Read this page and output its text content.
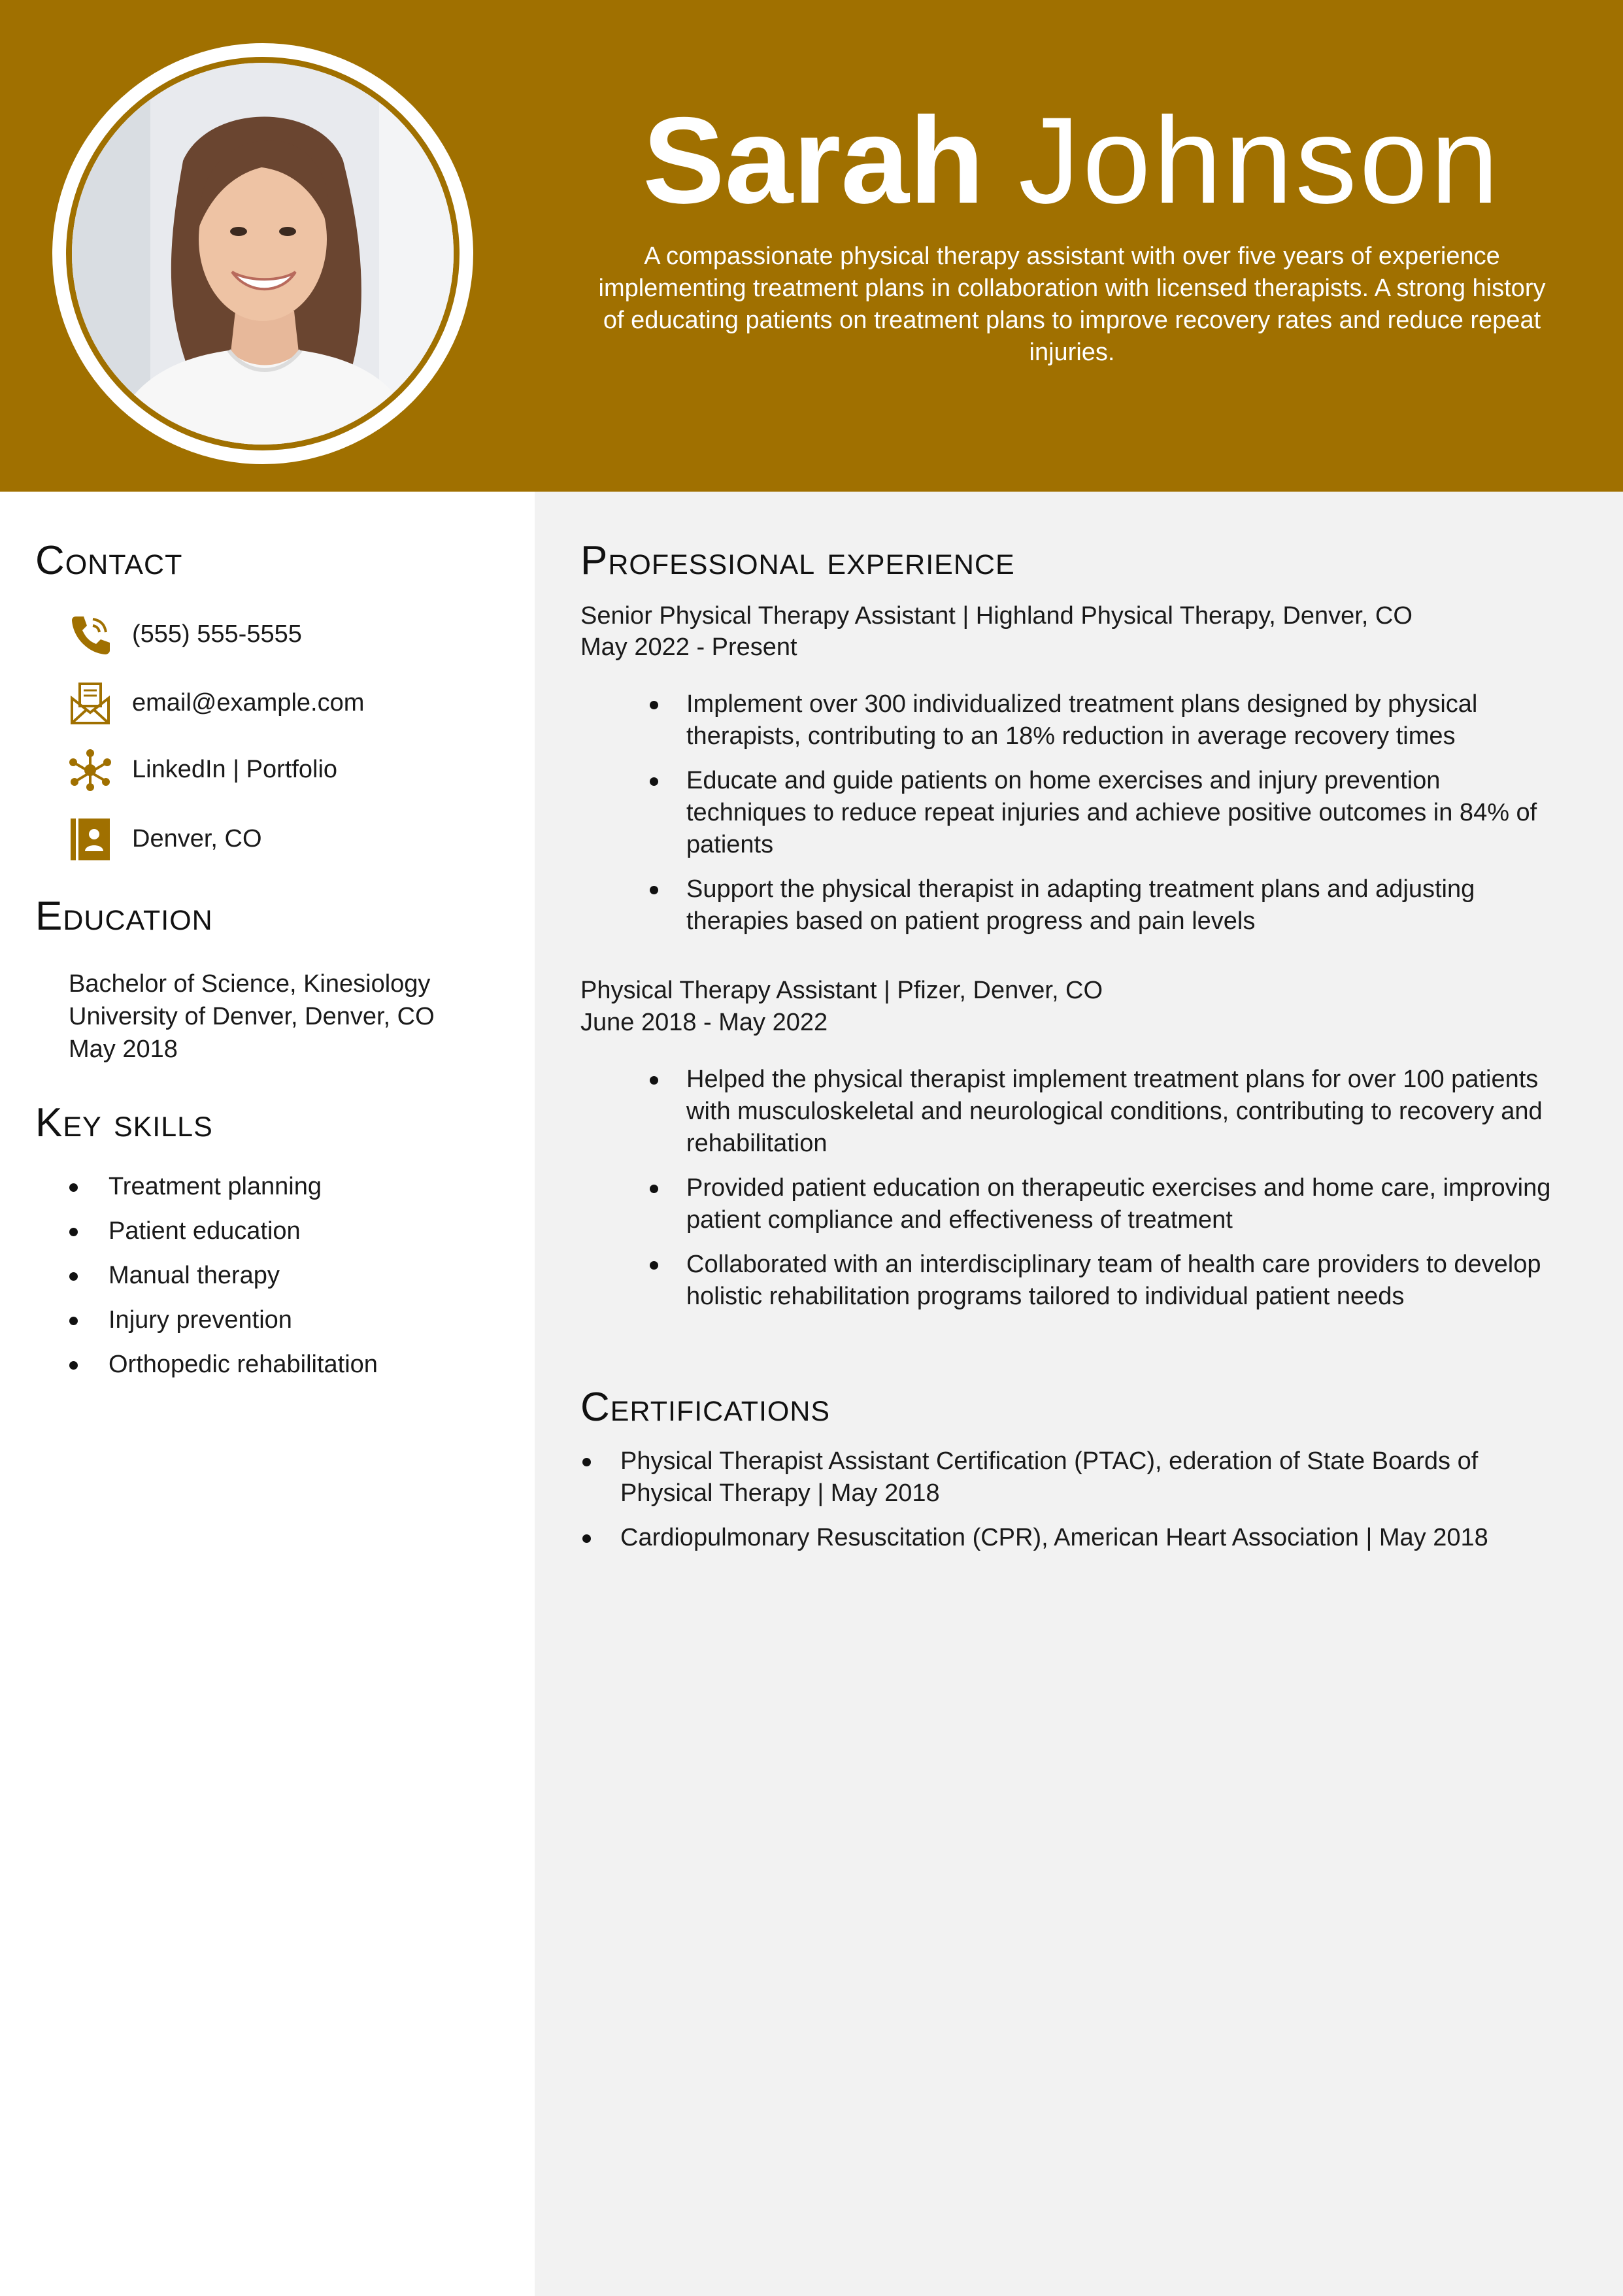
Sarah Johnson
A compassionate physical therapy assistant with over five years of experience implementing treatment plans in collaboration with licensed therapists. A strong history of educating patients on treatment plans to improve recovery rates and reduce repeat injuries.
Contact
(555) 555-5555
email@example.com
LinkedIn | Portfolio
Denver, CO
Education
Bachelor of Science, Kinesiology
University of Denver, Denver, CO
May 2018
Key skills
Treatment planning
Patient education
Manual therapy
Injury prevention
Orthopedic rehabilitation
Professional experience
Senior Physical Therapy Assistant | Highland Physical Therapy, Denver, CO
May 2022 - Present
Implement over 300 individualized treatment plans designed by physical therapists, contributing to an 18% reduction in average recovery times
Educate and guide patients on home exercises and injury prevention techniques to reduce repeat injuries and achieve positive outcomes in 84% of patients
Support the physical therapist in adapting treatment plans and adjusting therapies based on patient progress and pain levels
Physical Therapy Assistant | Pfizer, Denver, CO
June 2018 - May 2022
Helped the physical therapist implement treatment plans for over 100 patients with musculoskeletal and neurological conditions, contributing to recovery and rehabilitation
Provided patient education on therapeutic exercises and home care, improving patient compliance and effectiveness of treatment
Collaborated with an interdisciplinary team of health care providers to develop holistic rehabilitation programs tailored to individual patient needs
Certifications
Physical Therapist Assistant Certification (PTAC), ederation of State Boards of Physical Therapy | May 2018
Cardiopulmonary Resuscitation (CPR), American Heart Association | May 2018
